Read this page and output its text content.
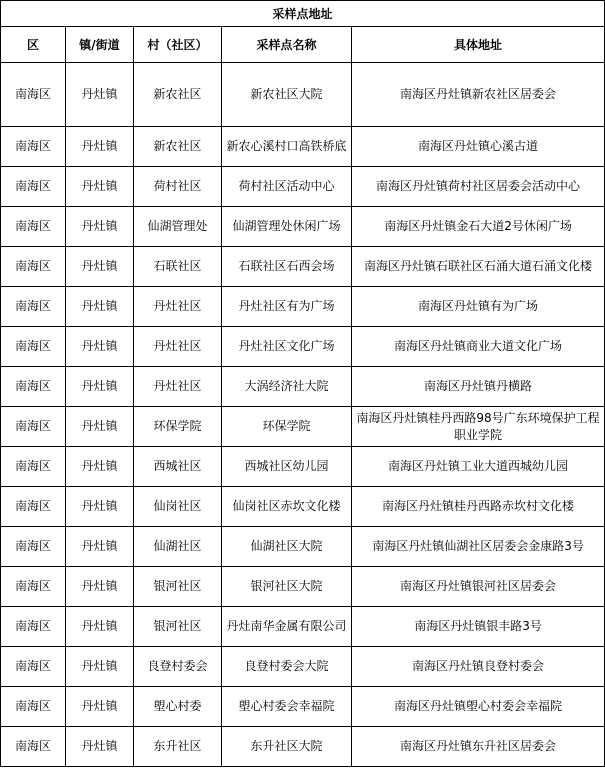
采样点地址				
区	镇/街道	村（社区）	采样点名称	具体地址
南海区	丹灶镇	新农社区	新农社区大院	南海区丹灶镇新农社区居委会
南海区	丹灶镇	新农社区	新农心溪村口高铁桥底	南海区丹灶镇心溪古道
南海区	丹灶镇	荷村社区	荷村社区活动中心	南海区丹灶镇荷村社区居委会活动中心
南海区	丹灶镇	仙湖管理处	仙湖管理处休闲广场	南海区丹灶镇金石大道2号休闲广场
南海区	丹灶镇	石联社区	石联社区石西会场	南海区丹灶镇石联社区石涌大道石涌文化楼
南海区	丹灶镇	丹灶社区	丹灶社区有为广场	南海区丹灶镇有为广场
南海区	丹灶镇	丹灶社区	丹灶社区文化广场	南海区丹灶镇商业大道文化广场
南海区	丹灶镇	丹灶社区	大涡经济社大院	南海区丹灶镇丹横路
南海区	丹灶镇	环保学院	环保学院	南海区丹灶镇桂丹西路98号广东环境保护工程职业学院
南海区	丹灶镇	西城社区	西城社区幼儿园	南海区丹灶镇工业大道西城幼儿园
南海区	丹灶镇	仙岗社区	仙岗社区赤坎文化楼	南海区丹灶镇桂丹西路赤坎村文化楼
南海区	丹灶镇	仙湖社区	仙湖社区大院	南海区丹灶镇仙湖社区居委会金康路3号
南海区	丹灶镇	银河社区	银河社区大院	南海区丹灶镇银河社区居委会
南海区	丹灶镇	银河社区	丹灶南华金属有限公司	南海区丹灶镇银丰路3号
南海区	丹灶镇	良登村委会	良登村委会大院	南海区丹灶镇良登村委会
南海区	丹灶镇	塱心村委	塱心村委会幸福院	南海区丹灶镇塱心村委会幸福院
南海区	丹灶镇	东升社区	东升社区大院	南海区丹灶镇东升社区居委会
